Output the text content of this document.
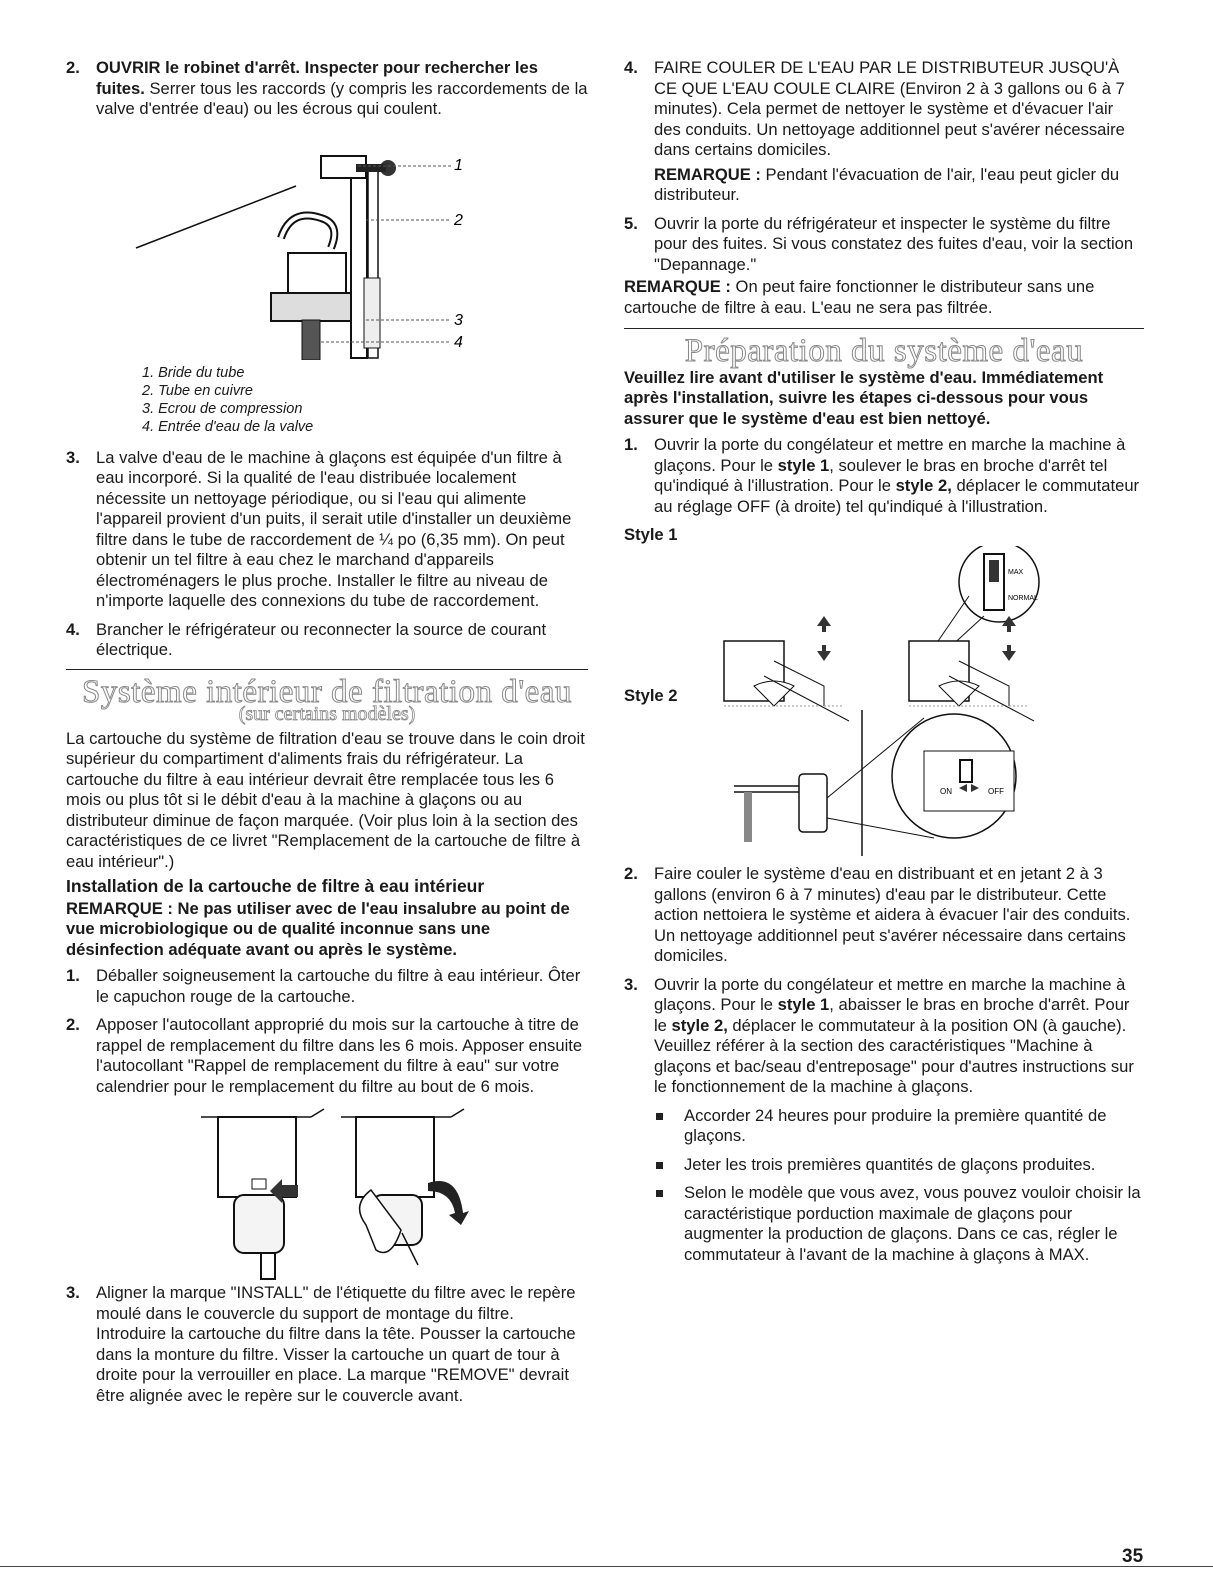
2. OUVRIR le robinet d'arrêt. Inspecter pour rechercher les fuites. Serrer tous les raccords (y compris les raccordements de la valve d'entrée d'eau) ou les écrous qui coulent.
1
2
3
4
1. Bride du tube
2. Tube en cuivre
3. Ecrou de compression
4. Entrée d'eau de la valve
3. La valve d'eau de le machine à glaçons est équipée d'un filtre à eau incorporé. Si la qualité de l'eau distribuée localement nécessite un nettoyage périodique, ou si l'eau qui alimente l'appareil provient d'un puits, il serait utile d'installer un deuxième filtre dans le tube de raccordement de ¼ po (6,35 mm). On peut obtenir un tel filtre à eau chez le marchand d'appareils électroménagers le plus proche. Installer le filtre au niveau de n'importe laquelle des connexions du tube de raccordement.
4. Brancher le réfrigérateur ou reconnecter la source de courant électrique.
Système intérieur de filtration d'eau
(sur certains modèles)

La cartouche du système de filtration d'eau se trouve dans le coin droit supérieur du compartiment d'aliments frais du réfrigérateur. La cartouche du filtre à eau intérieur devrait être remplacée tous les 6 mois ou plus tôt si le débit d'eau à la machine à glaçons ou au distributeur diminue de façon marquée. (Voir plus loin à la section des caractéristiques de ce livret "Remplacement de la cartouche de filtre à eau intérieur".)

Installation de la cartouche de filtre à eau intérieur

REMARQUE : Ne pas utiliser avec de l'eau insalubre au point de vue microbiologique ou de qualité inconnue sans une désinfection adéquate avant ou après le système.

1. Déballer soigneusement la cartouche du filtre à eau intérieur. Ôter le capuchon rouge de la cartouche.
2. Apposer l'autocollant approprié du mois sur la cartouche à titre de rappel de remplacement du filtre dans les 6 mois. Apposer ensuite l'autocollant "Rappel de remplacement du filtre à eau" sur votre calendrier pour le remplacement du filtre au bout de 6 mois.
3. Aligner la marque "INSTALL" de l'étiquette du filtre avec le repère moulé dans le couvercle du support de montage du filtre. Introduire la cartouche du filtre dans la tête. Pousser la cartouche dans la monture du filtre. Visser la cartouche un quart de tour à droite pour la verrouiller en place. La marque "REMOVE" devrait être alignée avec le repère sur le couvercle avant.
4. FAIRE COULER DE L'EAU PAR LE DISTRIBUTEUR JUSQU'À CE QUE L'EAU COULE CLAIRE (Environ 2 à 3 gallons ou 6 à 7 minutes). Cela permet de nettoyer le système et d'évacuer l'air des conduits. Un nettoyage additionnel peut s'avérer nécessaire dans certains domiciles.

REMARQUE : Pendant l'évacuation de l'air, l'eau peut gicler du distributeur.

5. Ouvrir la porte du réfrigérateur et inspecter le système du filtre pour des fuites. Si vous constatez des fuites d'eau, voir la section "Depannage."

REMARQUE : On peut faire fonctionner le distributeur sans une cartouche de filtre à eau. L'eau ne sera pas filtrée.

Préparation du système d'eau

Veuillez lire avant d'utiliser le système d'eau. Immédiatement après l'installation, suivre les étapes ci-dessous pour vous assurer que le système d'eau est bien nettoyé.

1. Ouvrir la porte du congélateur et mettre en marche la machine à glaçons. Pour le style 1, soulever le bras en broche d'arrêt tel qu'indiqué à l'illustration. Pour le style 2, déplacer le commutateur au réglage OFF (à droite) tel qu'indiqué à l'illustration.

Style 1

MAX
NORMAL

Style 2

ON	OFF
2. Faire couler le système d'eau en distribuant et en jetant 2 à 3 gallons (environ 6 à 7 minutes) d'eau par le distributeur. Cette action nettoiera le système et aidera à évacuer l'air des conduits. Un nettoyage additionnel peut s'avérer nécessaire dans certains domiciles.
3. Ouvrir la porte du congélateur et mettre en marche la machine à glaçons. Pour le style 1, abaisser le bras en broche d'arrêt. Pour le style 2, déplacer le commutateur à la position ON (à gauche). Veuillez référer à la section des caractéristiques "Machine à glaçons et bac/seau d'entreposage" pour d'autres instructions sur le fonctionnement de la machine à glaçons.
Accorder 24 heures pour produire la première quantité de glaçons.
Jeter les trois premières quantités de glaçons produites.
Selon le modèle que vous avez, vous pouvez vouloir choisir la caractéristique porduction maximale de glaçons pour augmenter la production de glaçons. Dans ce cas, régler le commutateur à l'avant de la machine à glaçons à MAX.
35
